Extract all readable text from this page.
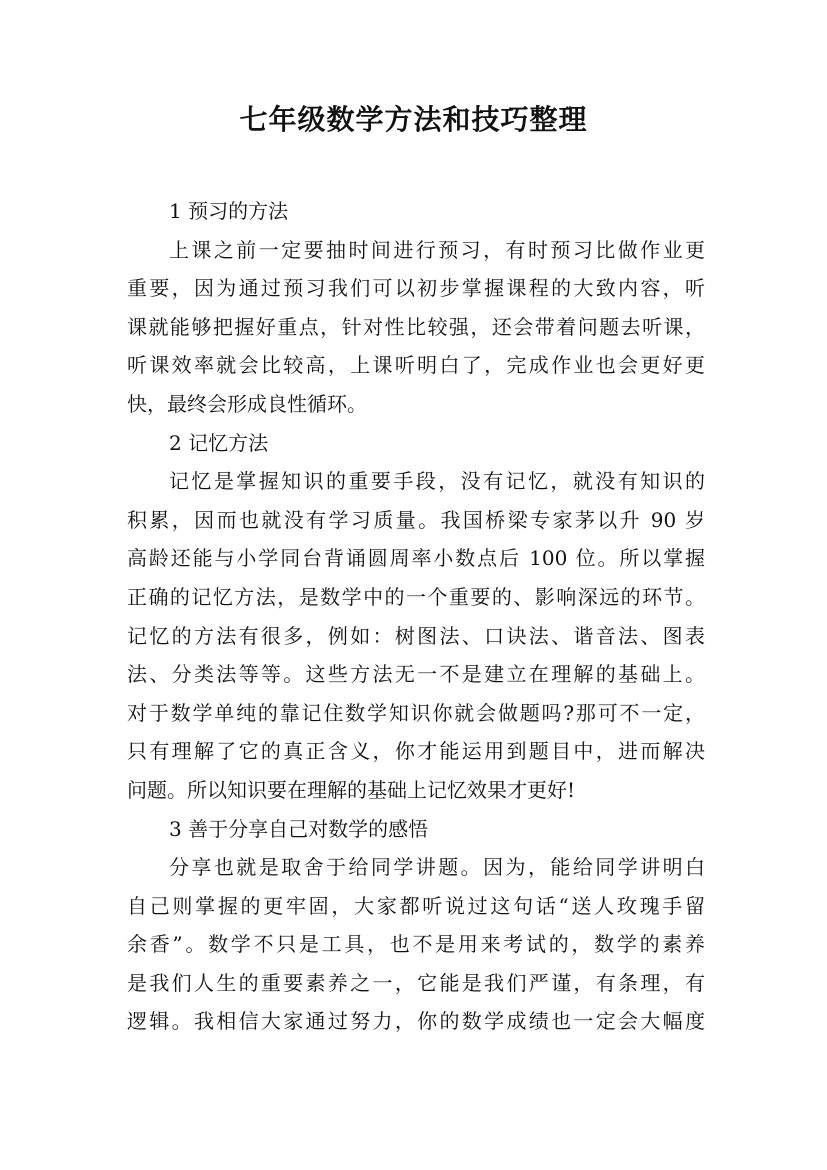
七年级数学方法和技巧整理
1 预习的方法
上课之前一定要抽时间进行预习，有时预习比做作业更
重要，因为通过预习我们可以初步掌握课程的大致内容，听
课就能够把握好重点，针对性比较强，还会带着问题去听课，
听课效率就会比较高，上课听明白了，完成作业也会更好更
快，最终会形成良性循环。
2 记忆方法
记忆是掌握知识的重要手段，没有记忆，就没有知识的
积累，因而也就没有学习质量。我国桥梁专家茅以升 90 岁
高龄还能与小学同台背诵圆周率小数点后 100 位。所以掌握
正确的记忆方法，是数学中的一个重要的、影响深远的环节。
记忆的方法有很多，例如：树图法、口诀法、谐音法、图表
法、分类法等等。这些方法无一不是建立在理解的基础上。
对于数学单纯的靠记住数学知识你就会做题吗?那可不一定，
只有理解了它的真正含义，你才能运用到题目中，进而解决
问题。所以知识要在理解的基础上记忆效果才更好!
3 善于分享自己对数学的感悟
分享也就是取舍于给同学讲题。因为，能给同学讲明白
自己则掌握的更牢固，大家都听说过这句话“送人玫瑰手留
余香”。数学不只是工具，也不是用来考试的，数学的素养
是我们人生的重要素养之一，它能是我们严谨，有条理，有
逻辑。我相信大家通过努力，你的数学成绩也一定会大幅度
